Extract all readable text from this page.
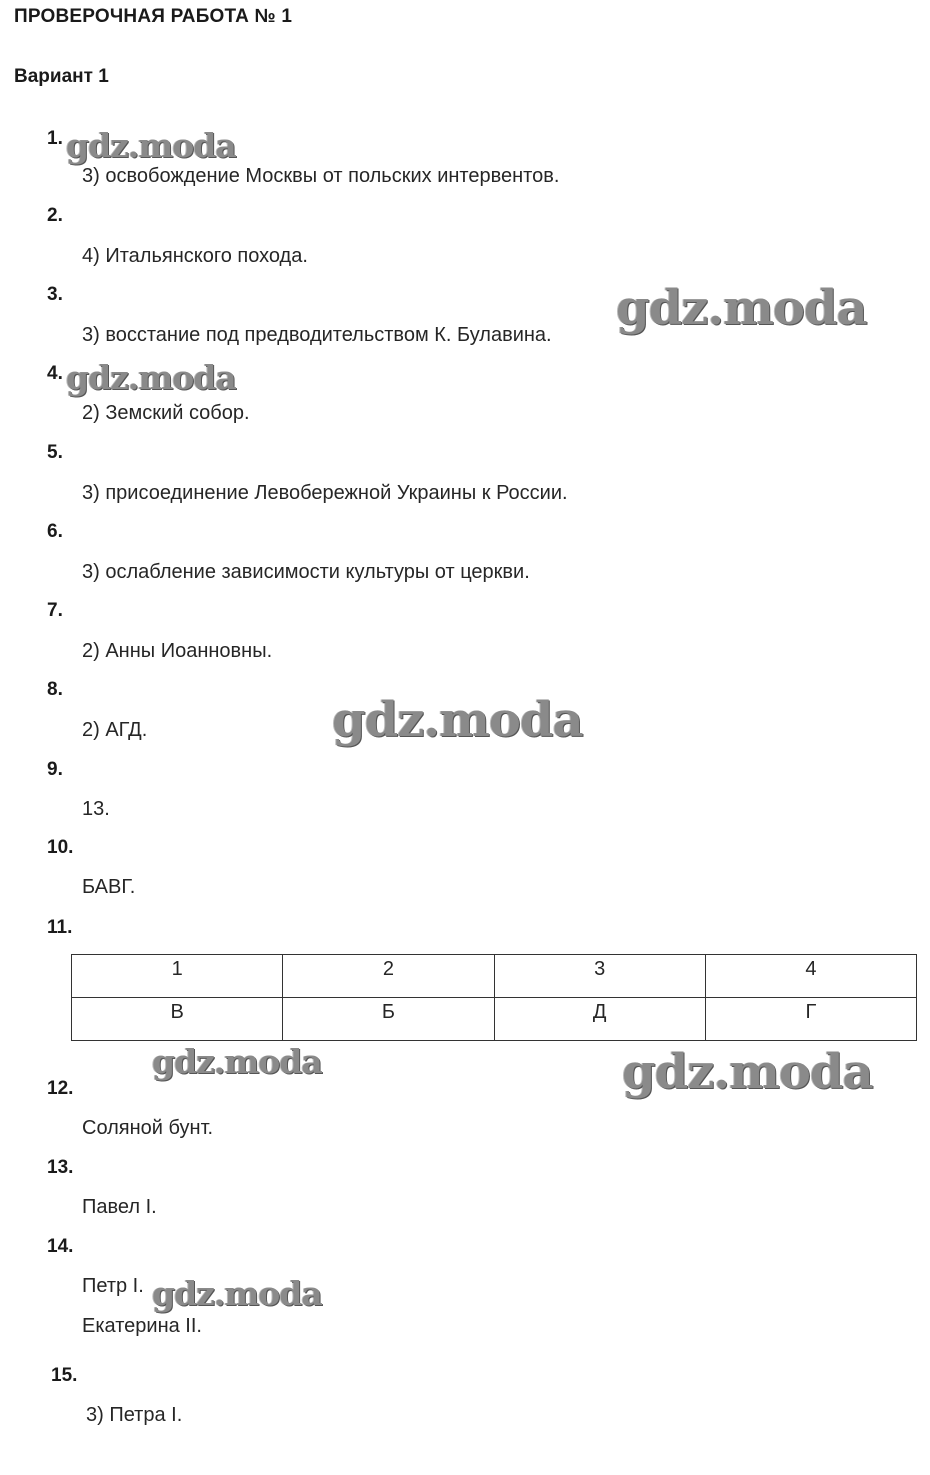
ПРОВЕРОЧНАЯ РАБОТА № 1
Вариант 1
1.
3) освобождение Москвы от польских интервентов.
2.
4) Итальянского похода.
3.
3) восстание под предводительством К. Булавина.
4.
2) Земский собор.
5.
3) присоединение Левобережной Украины к России.
6.
3) ослабление зависимости культуры от церкви.
7.
2) Анны Иоанновны.
8.
2) АГД.
9.
13.
10.
БАВГ.
11.
1	2	3	4
В	Б	Д	Г
12.
Соляной бунт.
13.
Павел I.
14.
Петр I.
Екатерина II.
15.
3) Петра I.
gdz.moda
gdz.moda
gdz.moda
gdz.moda
gdz.moda	gdz.moda
gdz.moda
